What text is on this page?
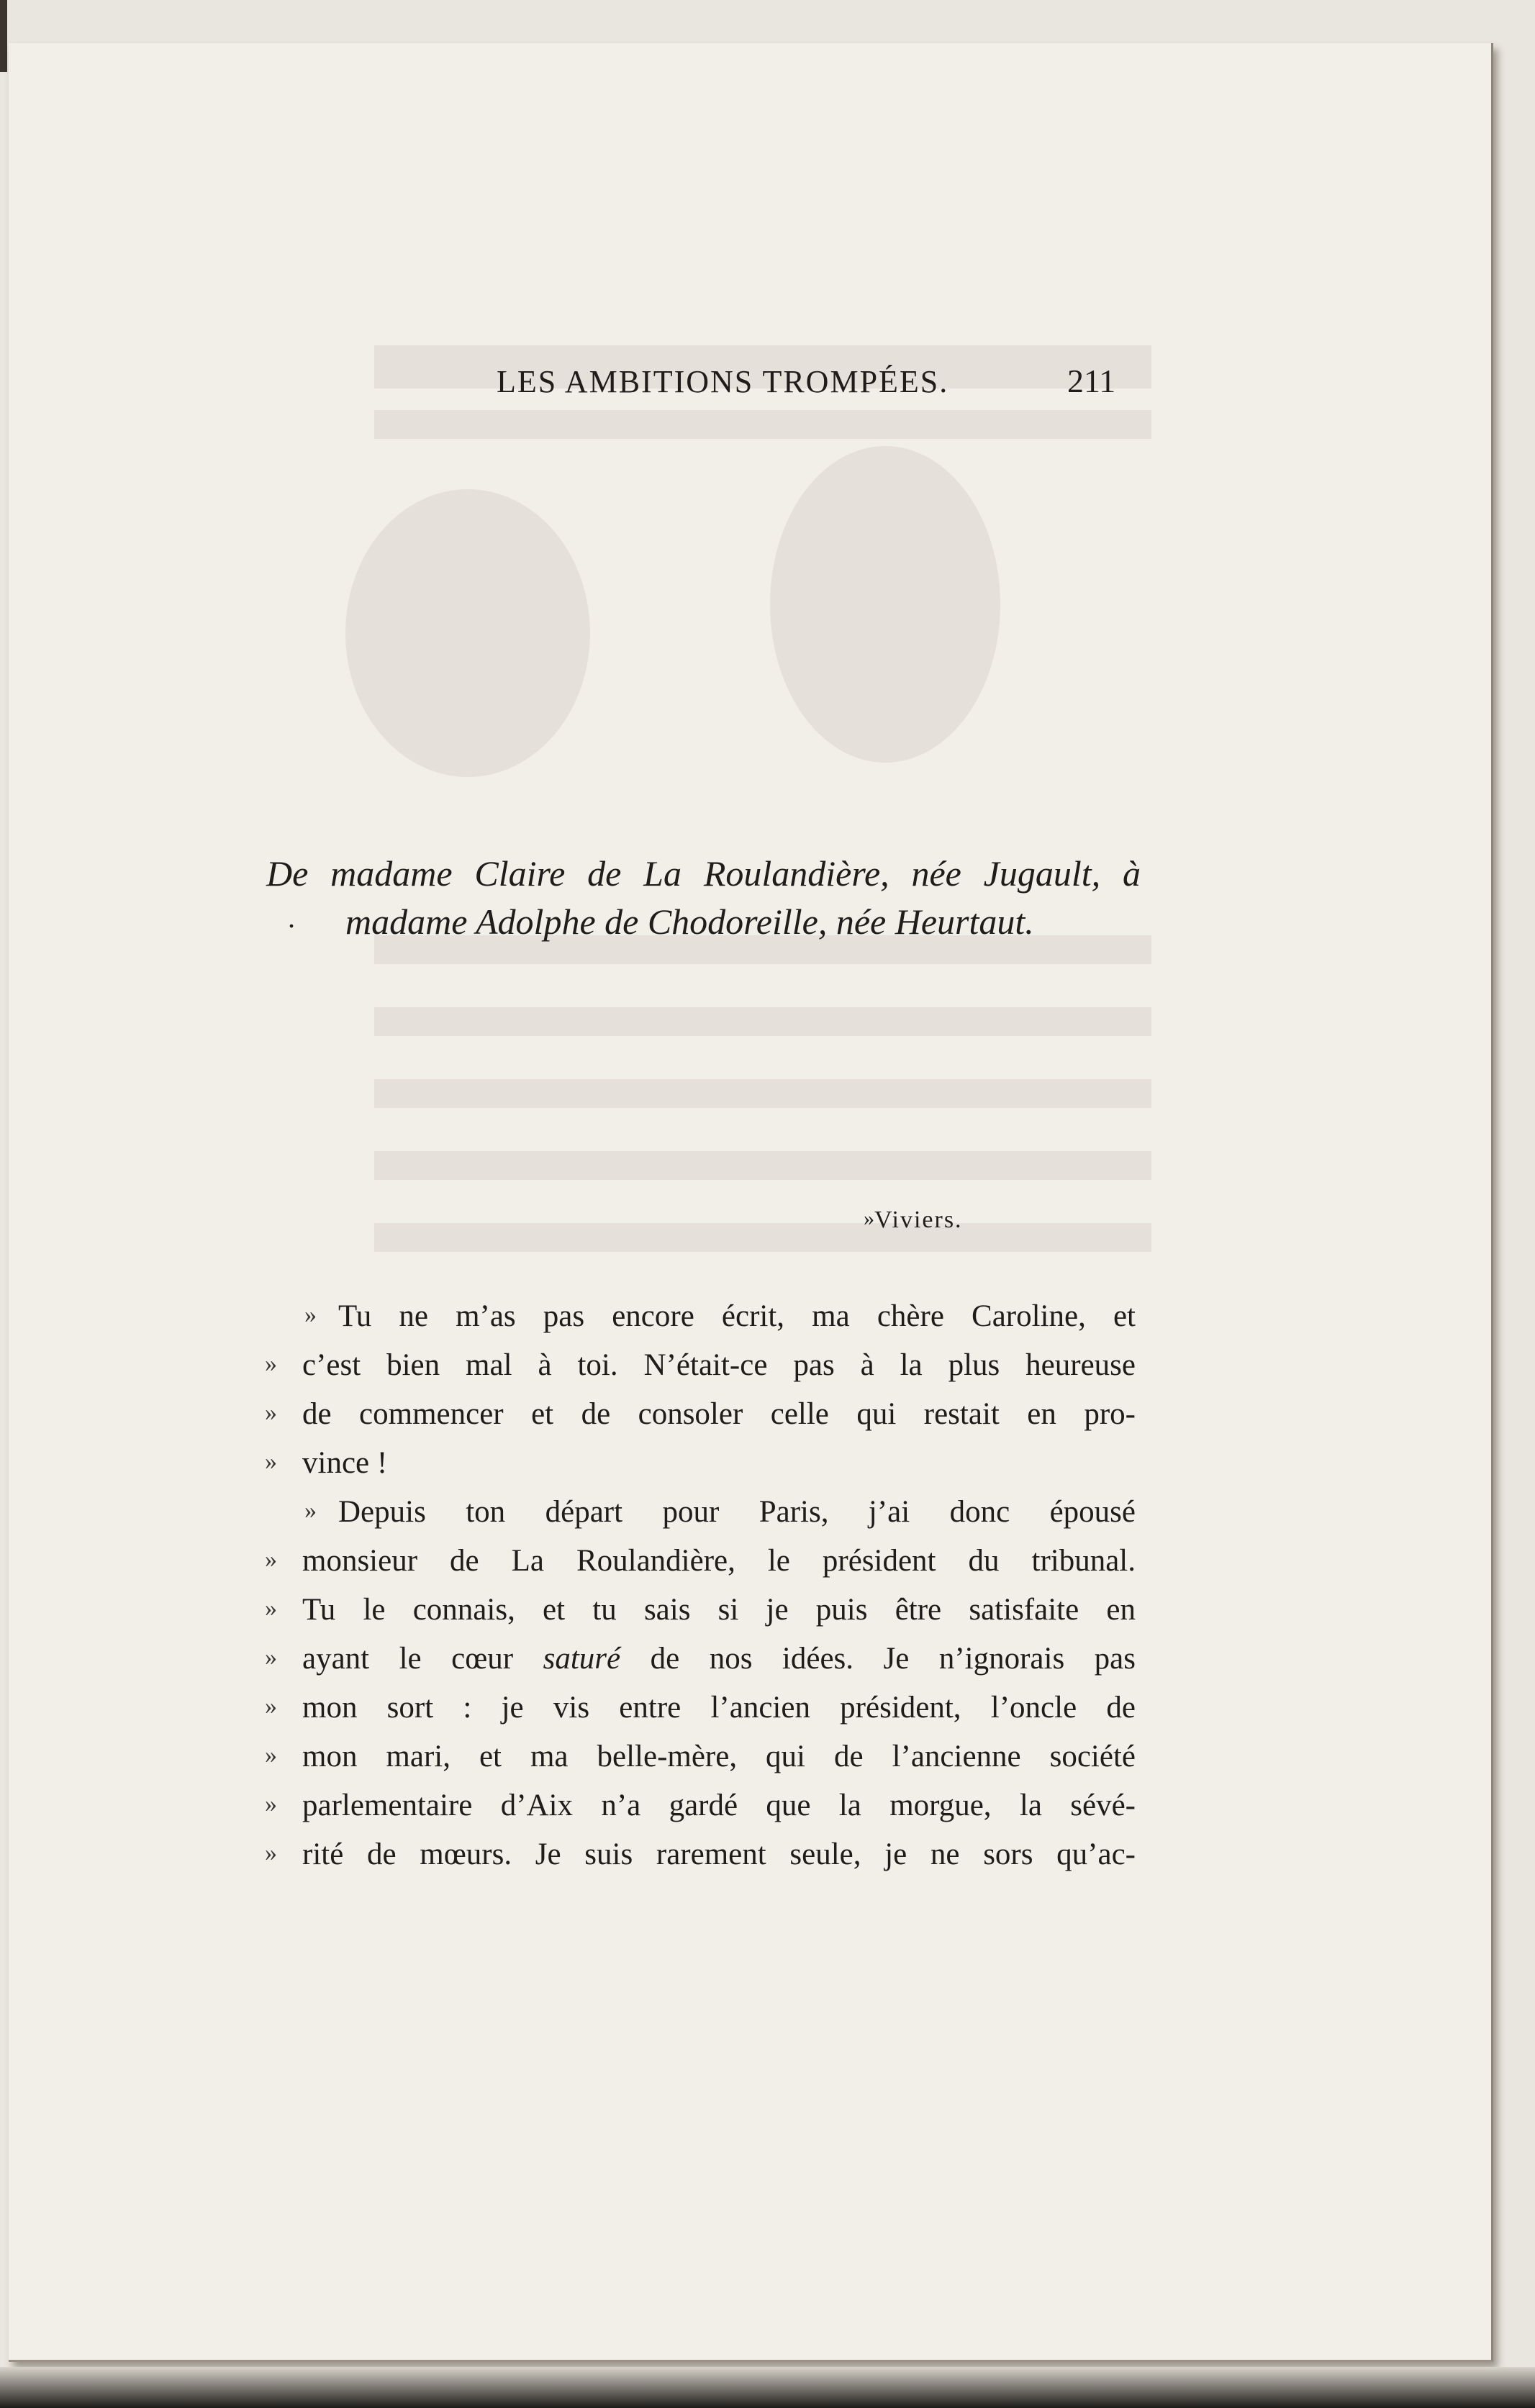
LES AMBITIONS TROMPÉES.	211
De madame Claire de La Roulandière, née Jugault, à
. madame Adolphe de Chodoreille, née Heurtaut.
» Viviers.
» Tu ne m’as pas encore écrit, ma chère Caroline, et
» c’est bien mal à toi. N’était-ce pas à la plus heureuse
» de commencer et de consoler celle qui restait en pro-
» vince !
» Depuis ton départ pour Paris, j’ai donc épousé
» monsieur de La Roulandière, le président du tribunal.
» Tu le connais, et tu sais si je puis être satisfaite en
» ayant le cœur saturé de nos idées. Je n’ignorais pas
» mon sort : je vis entre l’ancien président, l’oncle de
» mon mari, et ma belle-mère, qui de l’ancienne société
» parlementaire d’Aix n’a gardé que la morgue, la sévé-
» rité de mœurs. Je suis rarement seule, je ne sors qu’ac-
